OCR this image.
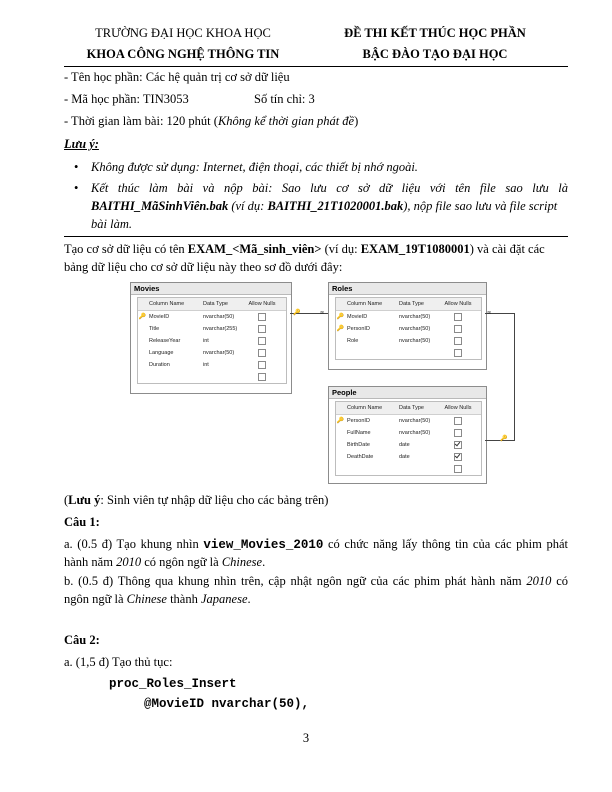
TRƯỜNG ĐẠI HỌC KHOA HỌC
KHOA CÔNG NGHỆ THÔNG TIN
ĐỀ THI KẾT THÚC HỌC PHẦN
BẬC ĐÀO TẠO ĐẠI HỌC
- Tên học phần: Các hệ quản trị cơ sở dữ liệu
- Mã học phần: TIN3053	Số tín chỉ: 3
- Thời gian làm bài: 120 phút (Không kể thời gian phát đề)
Lưu ý:
• Không được sử dụng: Internet, điện thoại, các thiết bị nhớ ngoài.
• Kết thúc làm bài và nộp bài: Sao lưu cơ sở dữ liệu với tên file sao lưu là
BAITHI_MãSinhViên.bak (ví dụ: BAITHI_21T1020001.bak), nộp file sao lưu và file script
bài làm.
Tạo cơ sở dữ liệu có tên EXAM_<Mã_sinh_viên> (ví dụ: EXAM_19T1080001) và cài đặt các
bảng dữ liệu cho cơ sở dữ liệu này theo sơ đồ dưới đây:
Movies
Column Name	Data Type	Allow Nulls
🔑 MovieID	nvarchar(50)
Title	nvarchar(255)
ReleaseYear	int
Language	nvarchar(50)
Duration	int
Roles
Column Name	Data Type	Allow Nulls
🔑 MovieID	nvarchar(50)
🔑 PersonID	nvarchar(50)
Role	nvarchar(50)
People
Column Name	Data Type	Allow Nulls
🔑 PersonID	nvarchar(50)
FullName	nvarchar(50)
BirthDate	date
DeathDate	date
🔑	∞	∞
🔑
(Lưu ý: Sinh viên tự nhập dữ liệu cho các bảng trên)
Câu 1:
a. (0.5 đ) Tạo khung nhìn view_Movies_2010 có chức năng lấy thông tin của các phim phát
hành năm 2010 có ngôn ngữ là Chinese.
b. (0.5 đ) Thông qua khung nhìn trên, cập nhật ngôn ngữ của các phim phát hành năm 2010 có
ngôn ngữ là Chinese thành Japanese.
Câu 2:
a. (1,5 đ) Tạo thủ tục:
proc_Roles_Insert
@MovieID nvarchar(50),
3
